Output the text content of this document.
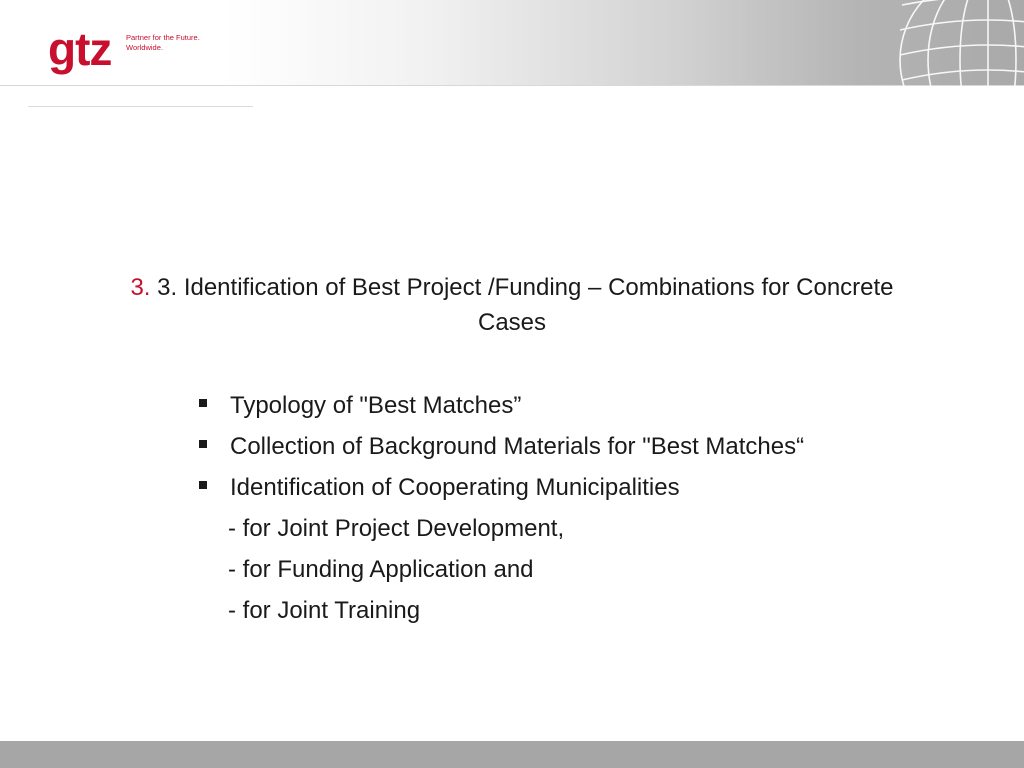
gtz Partner for the Future.
Worldwide.
3. 3. Identification of Best Project /Funding – Combinations for Concrete Cases
Typology of "Best Matches”
Collection of Background Materials for "Best Matches“
Identification of Cooperating Municipalities
- for Joint Project Development,
- for Funding Application and
- for Joint Training
